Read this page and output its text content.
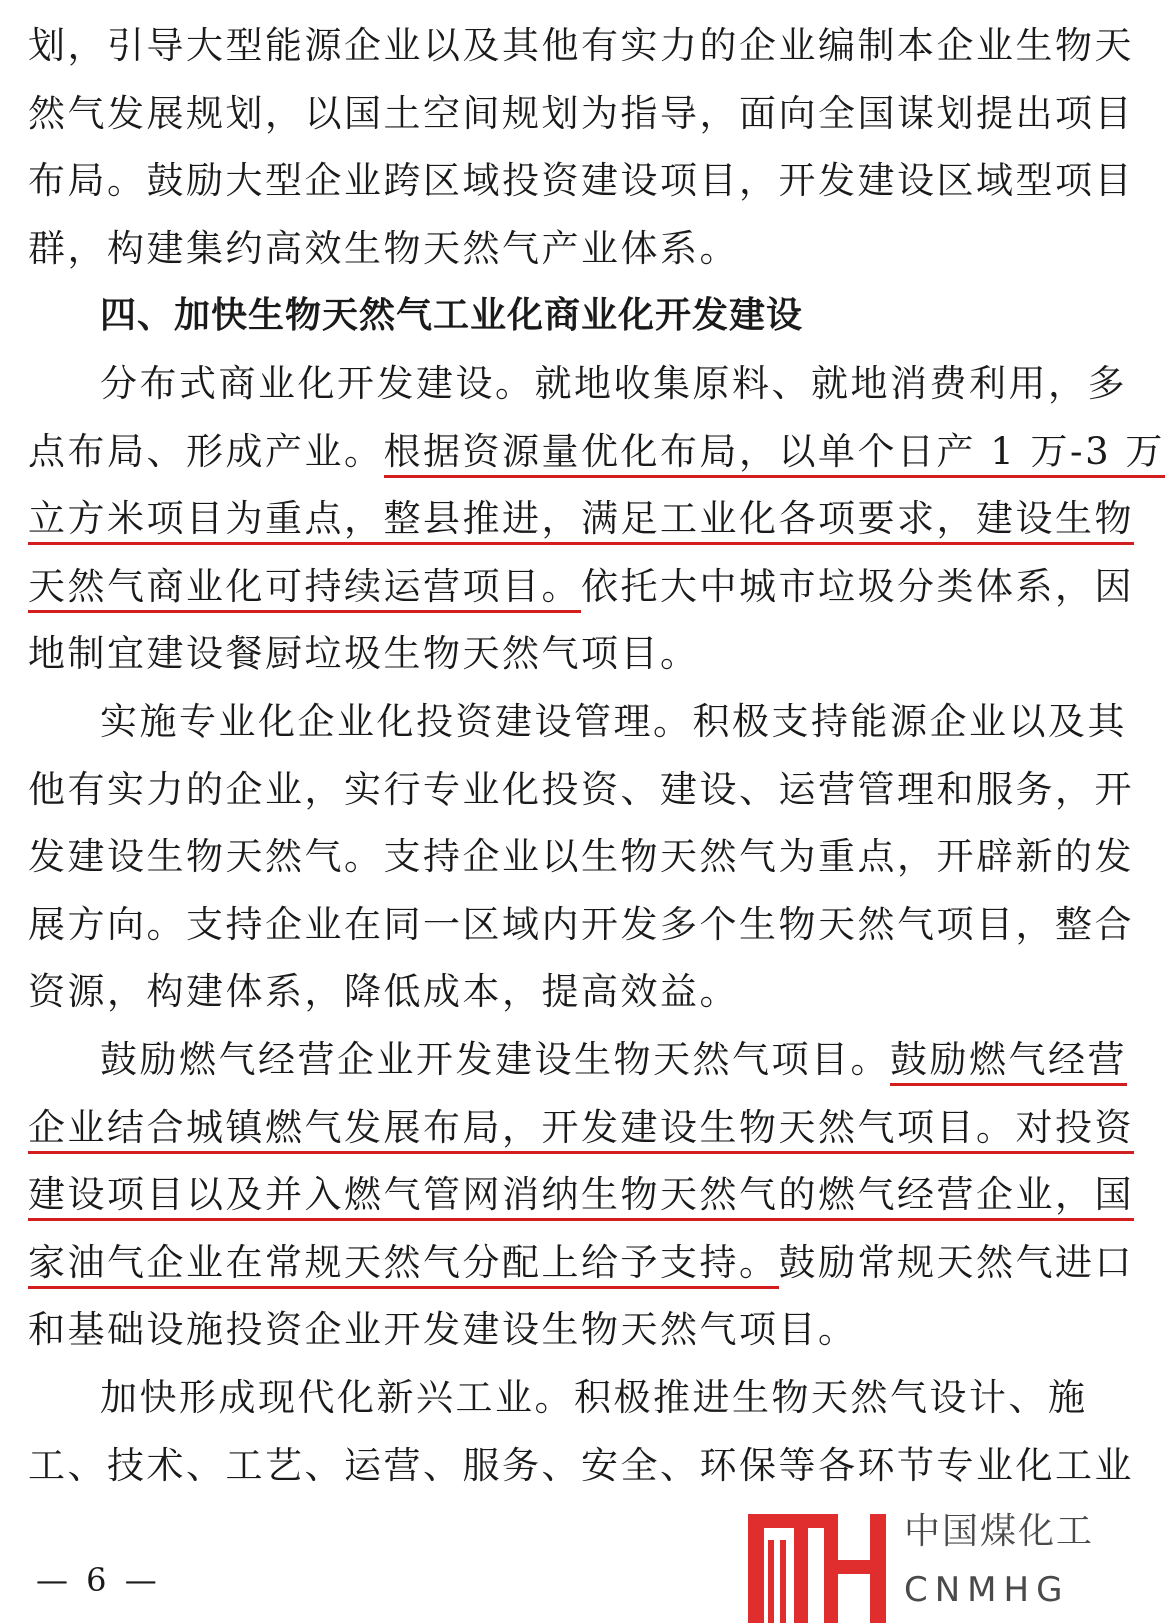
划，引导大型能源企业以及其他有实力的企业编制本企业生物天
然气发展规划，以国土空间规划为指导，面向全国谋划提出项目
布局。鼓励大型企业跨区域投资建设项目，开发建设区域型项目
群，构建集约高效生物天然气产业体系。
四、加快生物天然气工业化商业化开发建设
分布式商业化开发建设。就地收集原料、就地消费利用，多
点布局、形成产业。根据资源量优化布局，以单个日产 1 万-3 万
立方米项目为重点，整县推进，满足工业化各项要求，建设生物
天然气商业化可持续运营项目。依托大中城市垃圾分类体系，因
地制宜建设餐厨垃圾生物天然气项目。
实施专业化企业化投资建设管理。积极支持能源企业以及其
他有实力的企业，实行专业化投资、建设、运营管理和服务，开
发建设生物天然气。支持企业以生物天然气为重点，开辟新的发
展方向。支持企业在同一区域内开发多个生物天然气项目，整合
资源，构建体系，降低成本，提高效益。
鼓励燃气经营企业开发建设生物天然气项目。鼓励燃气经营
企业结合城镇燃气发展布局，开发建设生物天然气项目。对投资
建设项目以及并入燃气管网消纳生物天然气的燃气经营企业，国
家油气企业在常规天然气分配上给予支持。鼓励常规天然气进口
和基础设施投资企业开发建设生物天然气项目。
加快形成现代化新兴工业。积极推进生物天然气设计、施
工、技术、工艺、运营、服务、安全、环保等各环节专业化工业
— 6 —
中国煤化工
CNMHG
